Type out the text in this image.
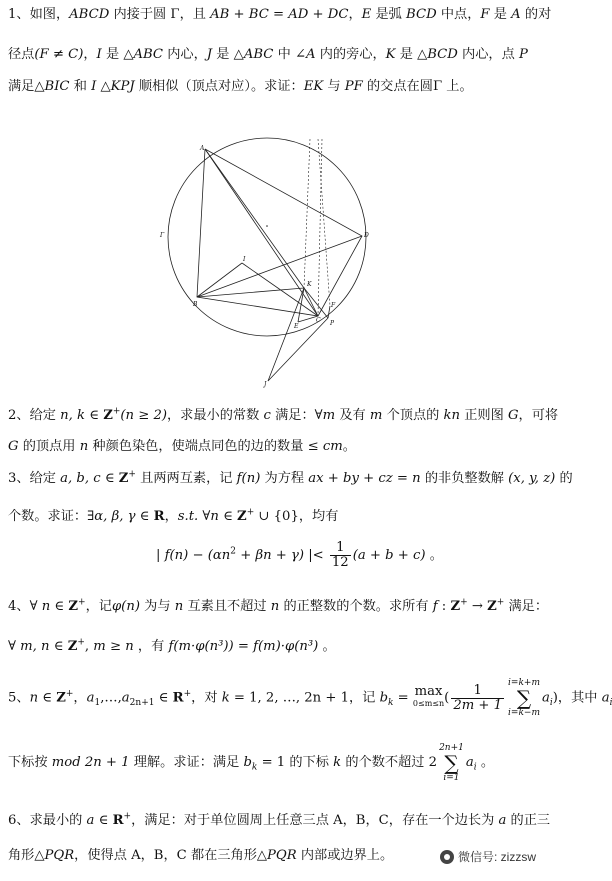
1、如图，ABCD 内接于圆 Γ，且 AB + BC = AD + DC，E 是弧 BCD 中点，F 是 A 的对
径点(F ≠ C)，I 是 △ABC 内心，J 是 △ABC 中 ∠A 内的旁心，K 是 △BCD 内心，点 P
满足△BIC 和 I △KPJ 顺相似（顶点对应）。求证：EK 与 PF 的交点在圆Γ 上。
A
B
C
D
E
F
I
J
K
P
Γ
2、给定 n, k ∈ Z+(n ≥ 2)，求最小的常数 c 满足：∀m 及有 m 个顶点的 kn 正则图 G，可将
G 的顶点用 n 种颜色染色，使端点同色的边的数量 ≤ cm。
3、给定 a, b, c ∈ Z+ 且两两互素，记 f(n) 为方程 ax + by + cz = n 的非负整数解 (x, y, z) 的
个数。求证：∃α, β, γ ∈ R，s.t. ∀n ∈ Z+ ∪ {0}，均有
| $f(n) - (\alpha n^2 + \beta n + \gamma)$ |< $\frac{1}{12} (a + b + c)$ 。
4、∀ n ∈ Z+，记φ(n) 为与 n 互素且不超过 n 的正整数的个数。求所有 f : Z+ → Z+ 满足：
∀ m, n ∈ Z+, m ≥ n ，有 f(m·φ(n³)) = f(m)·φ(n³) 。
5、n ∈ Z+，$a_1,\dots,a_{2n+1}$ ∈ R+，对 k = 1, 2, …, 2n + 1，记 $b_k = \max$
0≤m≤n ( $\frac{1}{2m + 1}$
i=k+m
∑
$i=k-ma_i$)，其中 a
下标按 mod 2n + 1 理解。求证：满足 $b_k = 1$ 的下标 k 的个数不超过 22n+1
∑
$i=1a_i$ 。
6、求最小的 a ∈ R+，满足：对于单位圆周上任意三点 A，B，C，存在一个边长为 a 的正三
角形△PQR，使得点 A，B，C 都在三角形△PQR 内部或边界上。	微信号: zizzsw
